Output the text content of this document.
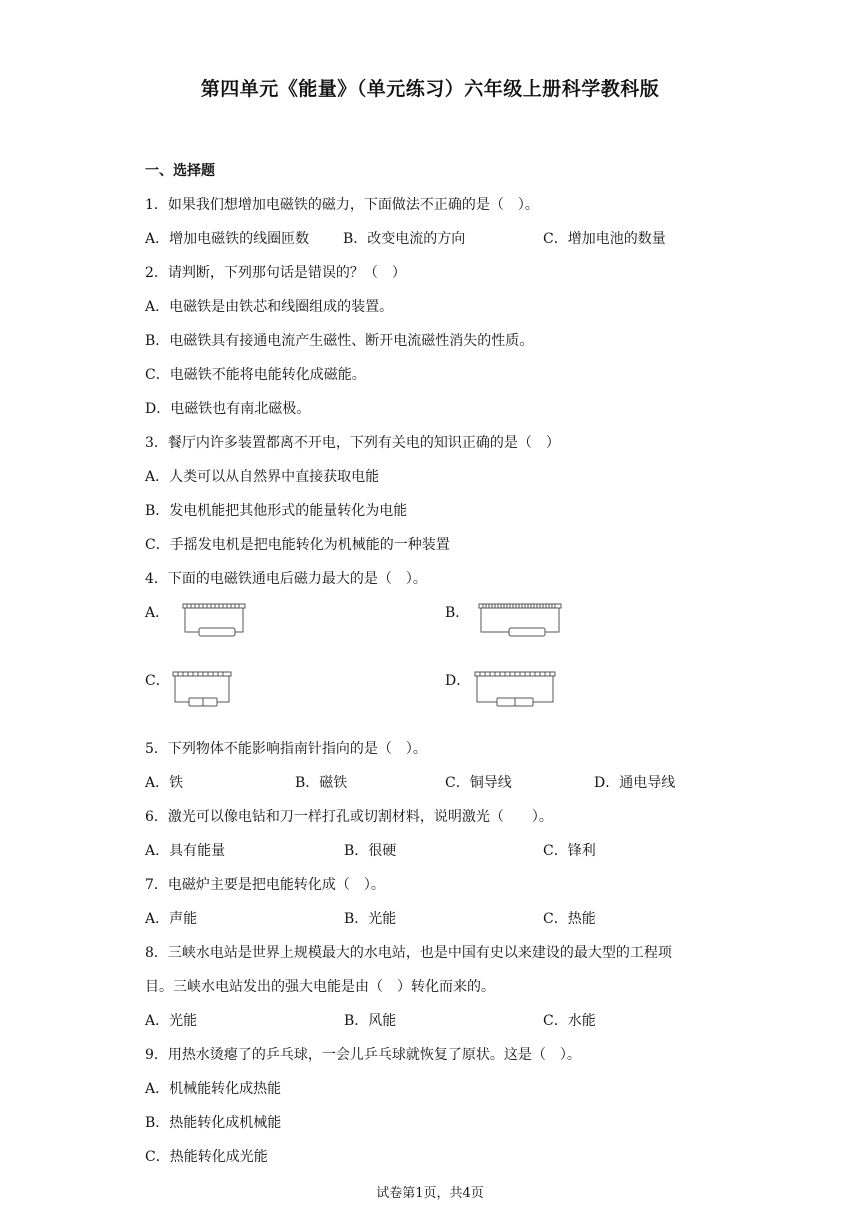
第四单元《能量》（单元练习）六年级上册科学教科版
一、选择题
1．如果我们想增加电磁铁的磁力，下面做法不正确的是（　）。
A．增加电磁铁的线圈匝数 B．改变电流的方向	C．增加电池的数量
2．请判断，下列那句话是错误的？（　）
A．电磁铁是由铁芯和线圈组成的装置。
B．电磁铁具有接通电流产生磁性、断开电流磁性消失的性质。
C．电磁铁不能将电能转化成磁能。
D．电磁铁也有南北磁极。
3．餐厅内许多装置都离不开电，下列有关电的知识正确的是（　）
A．人类可以从自然界中直接获取电能
B．发电机能把其他形式的能量转化为电能
C．手摇发电机是把电能转化为机械能的一种装置
4．下面的电磁铁通电后磁力最大的是（　）。
A．	B．
C．	D．
5．下列物体不能影响指南针指向的是（　）。
A．铁	B．磁铁	C．铜导线	D．通电导线
6．激光可以像电钻和刀一样打孔或切割材料，说明激光（　　）。
A．具有能量	B．很硬	C．锋利
7．电磁炉主要是把电能转化成（　）。
A．声能	B．光能	C．热能
8．三峡水电站是世界上规模最大的水电站，也是中国有史以来建设的最大型的工程项
目。三峡水电站发出的强大电能是由（　）转化而来的。
A．光能	B．风能	C．水能
9．用热水烫瘪了的乒乓球，一会儿乒乓球就恢复了原状。这是（　）。
A．机械能转化成热能
B．热能转化成机械能
C．热能转化成光能
试卷第1页，共4页
